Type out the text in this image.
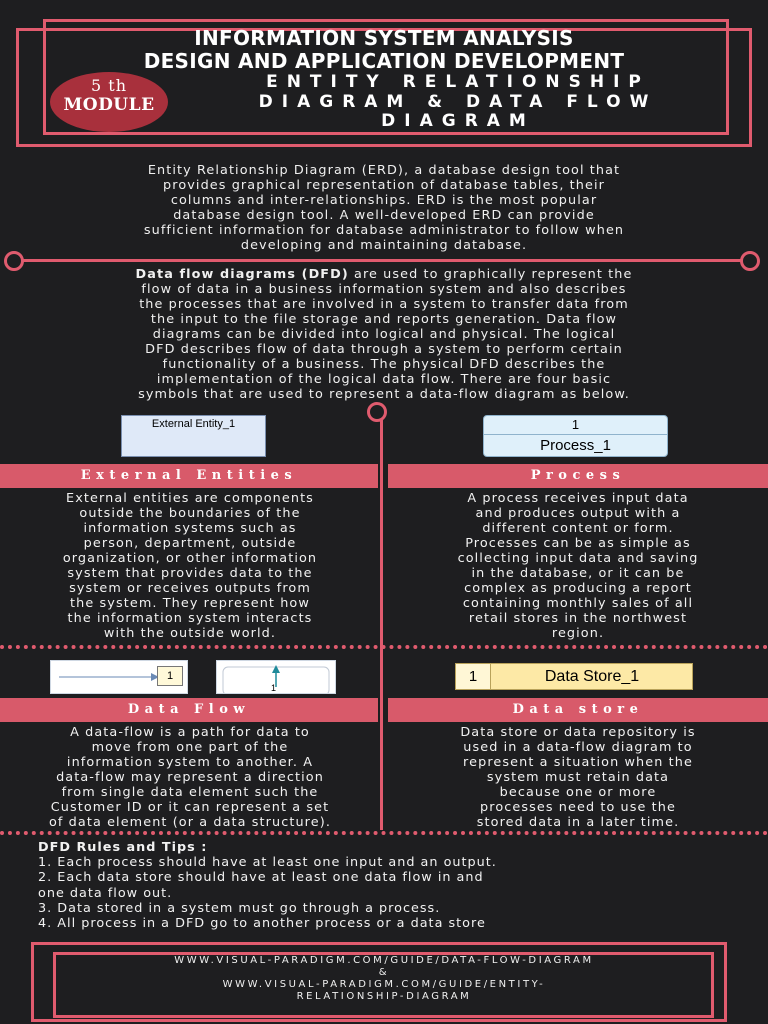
INFORMATION SYSTEM ANALYSIS
DESIGN AND APPLICATION DEVELOPMENT
5 th
MODULE
ENTITY RELATIONSHIP
DIAGRAM & DATA FLOW
DIAGRAM
Entity Relationship Diagram (ERD), a database design tool that
provides graphical representation of database tables, their
columns and inter-relationships. ERD is the most popular
database design tool. A well-developed ERD can provide
sufficient information for database administrator to follow when
developing and maintaining database.
Data flow diagrams (DFD) are used to graphically represent the
flow of data in a business information system and also describes
the processes that are involved in a system to transfer data from
the input to the file storage and reports generation. Data flow
diagrams can be divided into logical and physical. The logical
DFD describes flow of data through a system to perform certain
functionality of a business. The physical DFD describes the
implementation of the logical data flow. There are four basic
symbols that are used to represent a data-flow diagram as below.
External Entity_1	1
Process_1
External Entities	Process
External entities are components
outside the boundaries of the
information systems such as
person, department, outside
organization, or other information
system that provides data to the
system or receives outputs from
the system. They represent how
the information system interacts
with the outside world.
A process receives input data
and produces output with a
different content or form.
Processes can be as simple as
collecting input data and saving
in the database, or it can be
complex as producing a report
containing monthly sales of all
retail stores in the northwest
region.
1
1
1	Data Store_1
Data Flow	Data store
A data-flow is a path for data to
move from one part of the
information system to another. A
data-flow may represent a direction
from single data element such the
Customer ID or it can represent a set
of data element (or a data structure).
Data store or data repository is
used in a data-flow diagram to
represent a situation when the
system must retain data
because one or more
processes need to use the
stored data in a later time.
DFD Rules and Tips :
1. Each process should have at least one input and an output.
2. Each data store should have at least one data flow in and
one data flow out.
3. Data stored in a system must go through a process.
4. All process in a DFD go to another process or a data store
WWW.VISUAL-PARADIGM.COM/GUIDE/DATA-FLOW-DIAGRAM
&
WWW.VISUAL-PARADIGM.COM/GUIDE/ENTITY-
RELATIONSHIP-DIAGRAM
